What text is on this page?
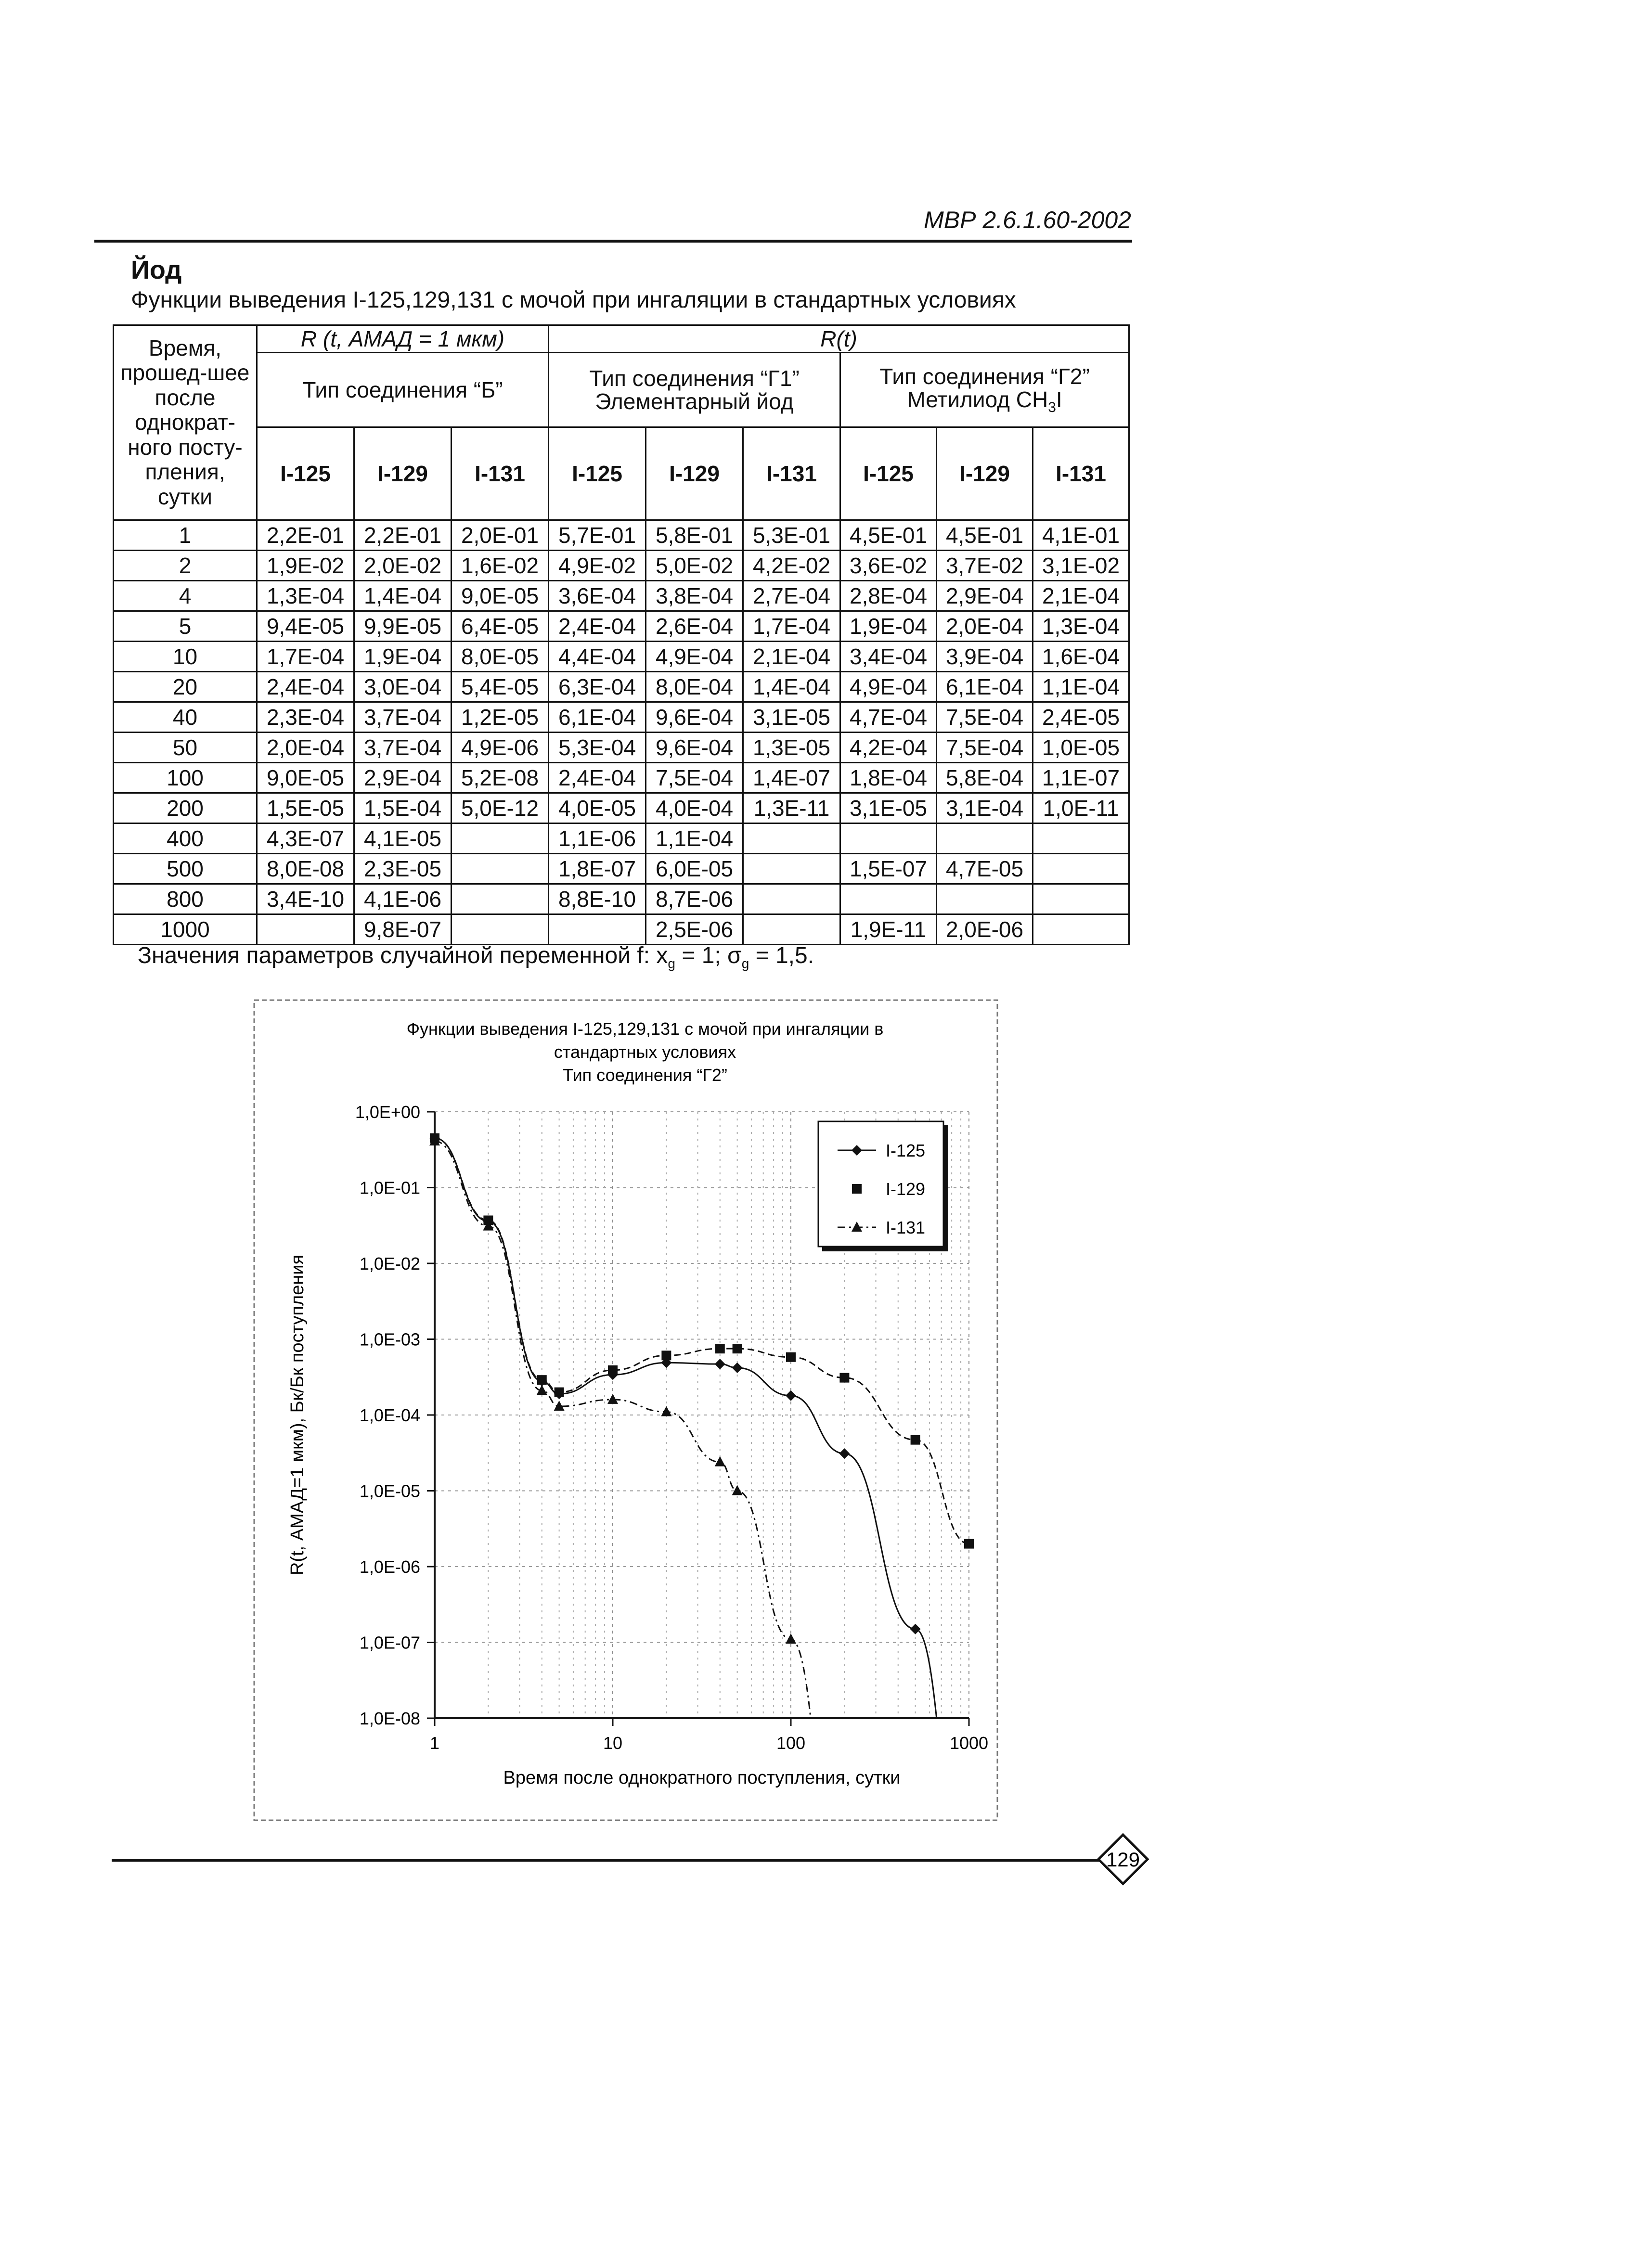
МВР 2.6.1.60-2002
Йод
Функции выведения I-125,129,131 с мочой при ингаляции в стандартных условиях
Время, прошед-шее после однократ-ного посту-пления, сутки	R (t, АМАД = 1 мкм)			R(t)					
	Тип соединения “Б”			Тип соединения “Г1” Элементарный йод			Тип соединения “Г2” Метилиод $CH_3I$		
	I-125	I-129	I-131	I-125	I-129	I-131	I-125	I-129	I-131
1	2,2E-01	2,2E-01	2,0E-01	5,7E-01	5,8E-01	5,3E-01	4,5E-01	4,5E-01	4,1E-01
2	1,9E-02	2,0E-02	1,6E-02	4,9E-02	5,0E-02	4,2E-02	3,6E-02	3,7E-02	3,1E-02
4	1,3E-04	1,4E-04	9,0E-05	3,6E-04	3,8E-04	2,7E-04	2,8E-04	2,9E-04	2,1E-04
5	9,4E-05	9,9E-05	6,4E-05	2,4E-04	2,6E-04	1,7E-04	1,9E-04	2,0E-04	1,3E-04
10	1,7E-04	1,9E-04	8,0E-05	4,4E-04	4,9E-04	2,1E-04	3,4E-04	3,9E-04	1,6E-04
20	2,4E-04	3,0E-04	5,4E-05	6,3E-04	8,0E-04	1,4E-04	4,9E-04	6,1E-04	1,1E-04
40	2,3E-04	3,7E-04	1,2E-05	6,1E-04	9,6E-04	3,1E-05	4,7E-04	7,5E-04	2,4E-05
50	2,0E-04	3,7E-04	4,9E-06	5,3E-04	9,6E-04	1,3E-05	4,2E-04	7,5E-04	1,0E-05
100	9,0E-05	2,9E-04	5,2E-08	2,4E-04	7,5E-04	1,4E-07	1,8E-04	5,8E-04	1,1E-07
200	1,5E-05	1,5E-04	5,0E-12	4,0E-05	4,0E-04	1,3E-11	3,1E-05	3,1E-04	1,0E-11
400	4,3E-07	4,1E-05		1,1E-06	1,1E-04				
500	8,0E-08	2,3E-05		1,8E-07	6,0E-05		1,5E-07	4,7E-05	
800	3,4E-10	4,1E-06		8,8E-10	8,7E-06				
1000		9,8E-07			2,5E-06		1,9E-11	2,0E-06	
Значения параметров случайной переменной f: $x_g = 1$; $\sigma_g = 1,5$.
Функции выведения I-125,129,131 с мочой при ингаляции в
стандартных условиях
Тип соединения “Г2”
1,0E+00
1,0E-01
1,0E-02
1,0E-03
1,0E-04
1,0E-05
1,0E-06
1,0E-07
1,0E-08
1	10	100	1000
Время после однократного поступления, сутки
R(t, АМАД=1 мкм), Бк/Бк поступления
I-125
I-129
I-131
129
